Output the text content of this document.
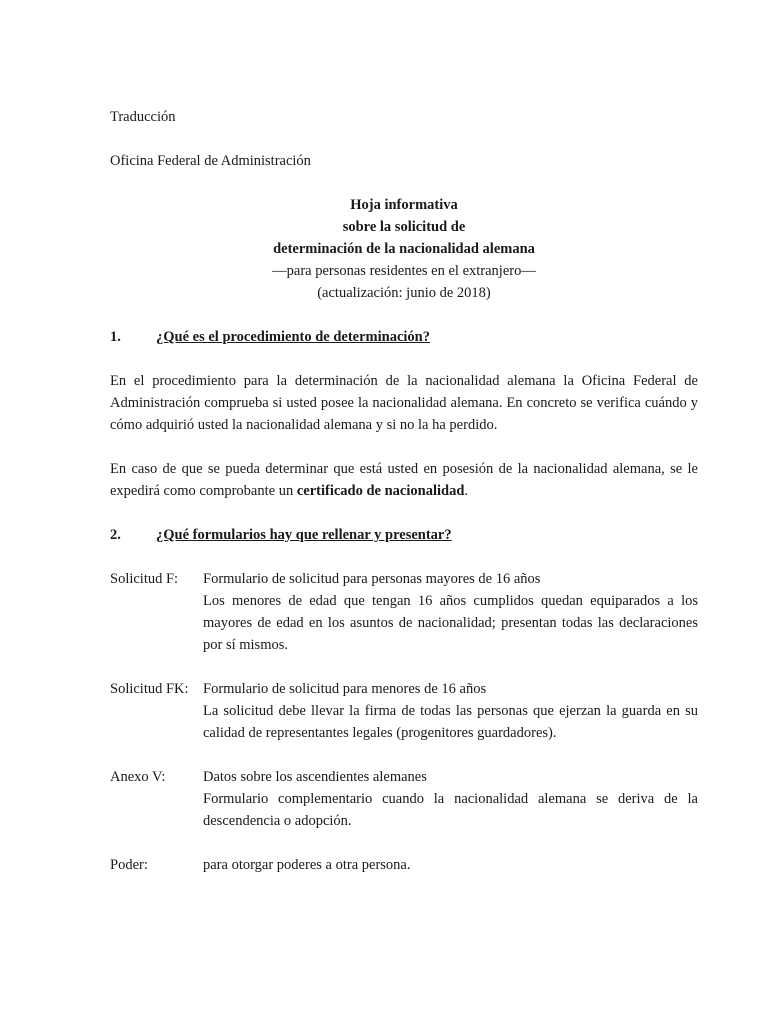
Traducción

Oficina Federal de Administración

Hoja informativa

sobre la solicitud de

determinación de la nacionalidad alemana

—para personas residentes en el extranjero—

(actualización: junio de 2018)

1.	¿Qué es el procedimiento de determinación?

En el procedimiento para la determinación de la nacionalidad alemana la Oficina Federal de Administración comprueba si usted posee la nacionalidad alemana. En concreto se verifica cuándo y cómo adquirió usted la nacionalidad alemana y si no la ha perdido.

En caso de que se pueda determinar que está usted en posesión de la nacionalidad alemana, se le expedirá como comprobante un certificado de nacionalidad.

2.	¿Qué formularios hay que rellenar y presentar?
Solicitud F:	Formulario de solicitud para personas mayores de 16 años

Los menores de edad que tengan 16 años cumplidos quedan equiparados a los mayores de edad en los asuntos de nacionalidad; presentan todas las declaraciones por sí mismos.

Solicitud FK: Formulario de solicitud para menores de 16 años

La solicitud debe llevar la firma de todas las personas que ejerzan la guarda en su calidad de representantes legales (progenitores guardadores).

Anexo V:	Datos sobre los ascendientes alemanes

Formulario complementario cuando la nacionalidad alemana se deriva de la descendencia o adopción.

Poder:	para otorgar poderes a otra persona.
